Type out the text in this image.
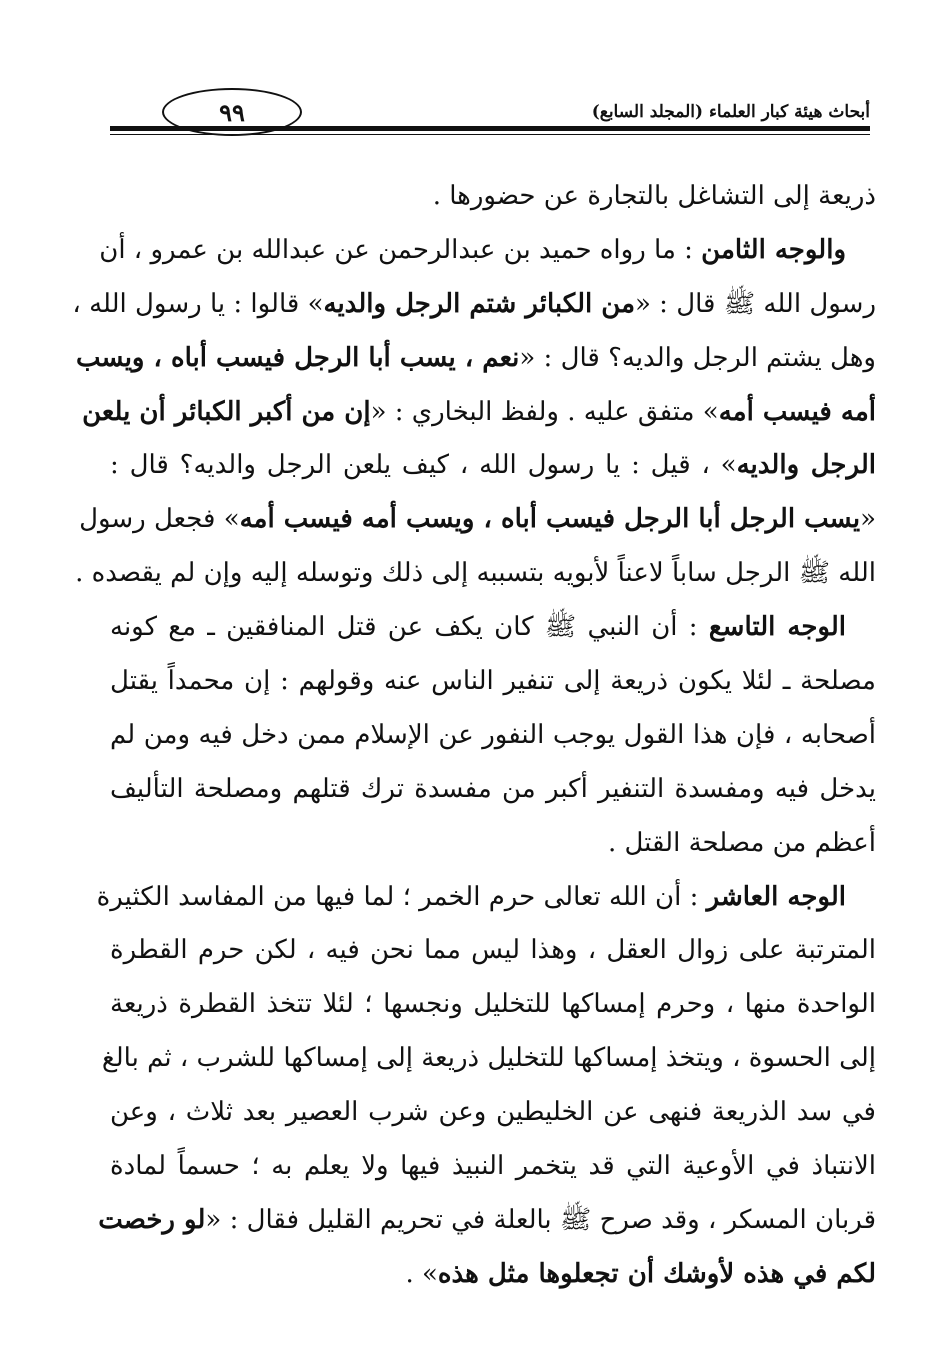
٩٩	أبحاث هيئة كبار العلماء (المجلد السابع)
ذريعة إلى التشاغل بالتجارة عن حضورها .
والوجه الثامن : ما رواه حميد بن عبدالرحمن عن عبدالله بن عمرو ، أن
رسول الله ﷺ قال : «من الكبائر شتم الرجل والديه» قالوا : يا رسول الله ،
وهل يشتم الرجل والديه؟ قال : «نعم ، يسب أبا الرجل فيسب أباه ، ويسب
أمه فيسب أمه» متفق عليه . ولفظ البخاري : «إن من أكبر الكبائر أن يلعن
الرجل والديه» ، قيل : يا رسول الله ، كيف يلعن الرجل والديه؟ قال :
«يسب الرجل أبا الرجل فيسب أباه ، ويسب أمه فيسب أمه» فجعل رسول
الله ﷺ الرجل ساباً لاعناً لأبويه بتسببه إلى ذلك وتوسله إليه وإن لم يقصده .
الوجه التاسع : أن النبي ﷺ كان يكف عن قتل المنافقين ـ مع كونه
مصلحة ـ لئلا يكون ذريعة إلى تنفير الناس عنه وقولهم : إن محمداً يقتل
أصحابه ، فإن هذا القول يوجب النفور عن الإسلام ممن دخل فيه ومن لم
يدخل فيه ومفسدة التنفير أكبر من مفسدة ترك قتلهم ومصلحة التأليف
أعظم من مصلحة القتل .
الوجه العاشر : أن الله تعالى حرم الخمر ؛ لما فيها من المفاسد الكثيرة
المترتبة على زوال العقل ، وهذا ليس مما نحن فيه ، لكن حرم القطرة
الواحدة منها ، وحرم إمساكها للتخليل ونجسها ؛ لئلا تتخذ القطرة ذريعة
إلى الحسوة ، ويتخذ إمساكها للتخليل ذريعة إلى إمساكها للشرب ، ثم بالغ
في سد الذريعة فنهى عن الخليطين وعن شرب العصير بعد ثلاث ، وعن
الانتباذ في الأوعية التي قد يتخمر النبيذ فيها ولا يعلم به ؛ حسماً لمادة
قربان المسكر ، وقد صرح ﷺ بالعلة في تحريم القليل فقال : «لو رخصت
لكم في هذه لأوشك أن تجعلوها مثل هذه» .
